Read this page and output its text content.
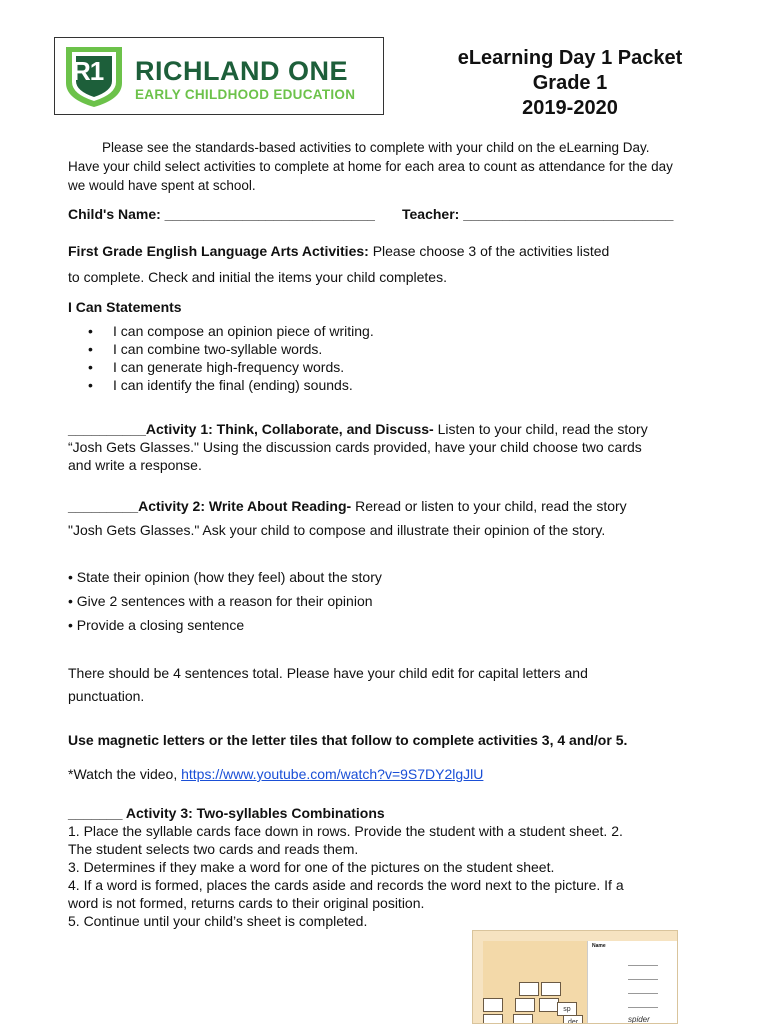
R1 RICHLAND ONE
EARLY CHILDHOOD EDUCATION
eLearning Day 1 Packet
Grade 1
2019-2020
Please see the standards-based activities to complete with your child on the eLearning Day.
Have your child select activities to complete at home for each area to count as attendance for the day
we would have spent at school.
Child's Name: ___________________________ Teacher: ___________________________
First Grade English Language Arts Activities: Please choose 3 of the activities listed
to complete. Check and initial the items your child completes.
I Can Statements
• I can compose an opinion piece of writing.
• I can combine two-syllable words.
• I can generate high-frequency words.
• I can identify the final (ending) sounds.
__________Activity 1: Think, Collaborate, and Discuss- Listen to your child, read the story
“Josh Gets Glasses." Using the discussion cards provided, have your child choose two cards
and write a response.
_________Activity 2: Write About Reading- Reread or listen to your child, read the story
"Josh Gets Glasses." Ask your child to compose and illustrate their opinion of the story.
• State their opinion (how they feel) about the story
• Give 2 sentences with a reason for their opinion
• Provide a closing sentence
There should be 4 sentences total. Please have your child edit for capital letters and
punctuation.
Use magnetic letters or the letter tiles that follow to complete activities 3, 4 and/or 5.
*Watch the video, https://www.youtube.com/watch?v=9S7DY2lgJlU
_______ Activity 3: Two-syllables Combinations
1. Place the syllable cards face down in rows. Provide the student with a student sheet. 2.
The student selects two cards and reads them.
3. Determines if they make a word for one of the pictures on the student sheet.
4. If a word is formed, places the cards aside and records the word next to the picture. If a
word is not formed, returns cards to their original position.
5. Continue until your child’s sheet is completed.
sp
der
Name
spider
